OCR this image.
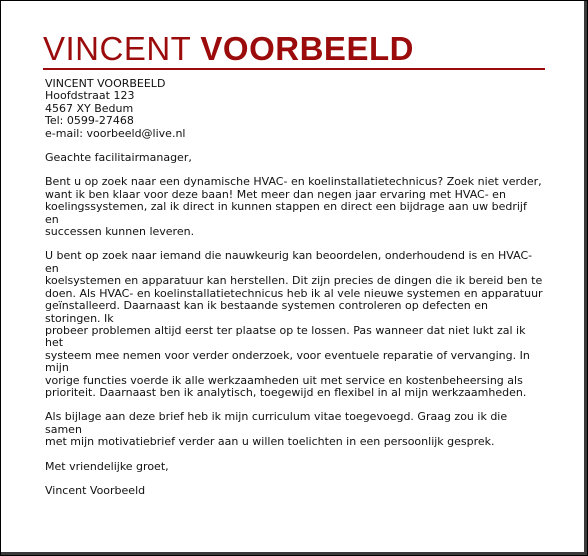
VINCENT VOORBEELD

VINCENT VOORBEELD
Hoofdstraat 123
4567 XY Bedum
Tel: 0599-27468
e-mail: voorbeeld@live.nl

Geachte facilitairmanager,

Bent u op zoek naar een dynamische HVAC- en koelinstallatietechnicus? Zoek niet verder,
want ik ben klaar voor deze baan! Met meer dan negen jaar ervaring met HVAC- en
koelingssystemen, zal ik direct in kunnen stappen en direct een bijdrage aan uw bedrijf en
successen kunnen leveren.

U bent op zoek naar iemand die nauwkeurig kan beoordelen, onderhoudend is en HVAC- en
koelsystemen en apparatuur kan herstellen. Dit zijn precies de dingen die ik bereid ben te
doen. Als HVAC- en koelinstallatietechnicus heb ik al vele nieuwe systemen en apparatuur
geïnstalleerd. Daarnaast kan ik bestaande systemen controleren op defecten en storingen. Ik
probeer problemen altijd eerst ter plaatse op te lossen. Pas wanneer dat niet lukt zal ik het
systeem mee nemen voor verder onderzoek, voor eventuele reparatie of vervanging. In mijn
vorige functies voerde ik alle werkzaamheden uit met service en kostenbeheersing als
prioriteit. Daarnaast ben ik analytisch, toegewijd en flexibel in al mijn werkzaamheden.

Als bijlage aan deze brief heb ik mijn curriculum vitae toegevoegd. Graag zou ik die samen
met mijn motivatiebrief verder aan u willen toelichten in een persoonlijk gesprek.

Met vriendelijke groet,

Vincent Voorbeeld
